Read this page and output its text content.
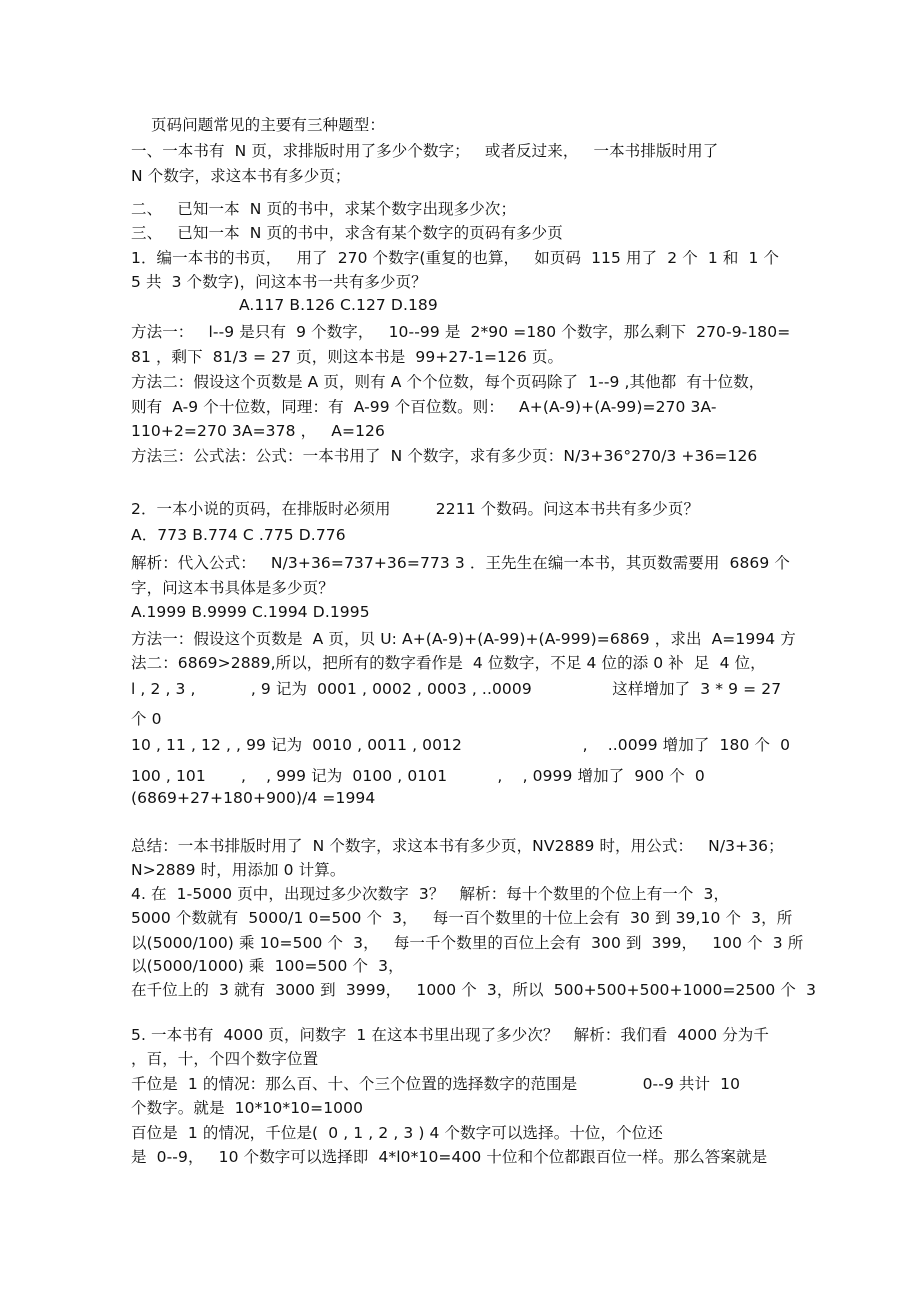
页码问题常见的主要有三种题型：
一、一本书有  N 页，求排版时用了多少个数字；   或者反过来，   一本书排版时用了
N 个数字，求这本书有多少页；
二、   已知一本  N 页的书中，求某个数字出现多少次；
三、   已知一本  N 页的书中，求含有某个数字的页码有多少页
1．编一本书的书页，   用了  270 个数字(重复的也算，   如页码  115 用了  2 个  1 和  1 个
5 共  3 个数字)，问这本书一共有多少页？
A.117 B.126 C.127 D.189
方法一：   l--9 是只有  9 个数字，   10--99 是  2*90 =180 个数字，那么剩下  270-9-180=
81 ，剩下  81/3 = 27 页，则这本书是  99+27-1=126 页。
方法二：假设这个页数是 A 页，则有 A 个个位数，每个页码除了  1--9 ,其他都  有十位数，
则有  A-9 个十位数，同理：有  A-99 个百位数。则：   A+(A-9)+(A-99)=270 3A-
110+2=270 3A=378 ，   A=126
方法三：公式法：公式：一本书用了  N 个数字，求有多少页：N/3+36°270/3 +36=126
2．一本小说的页码，在排版时必须用         2211 个数码。问这本书共有多少页？
A．773 B.774 C .775 D.776
解析：代入公式：   N/3+36=737+36=773 3 ．王先生在编一本书，其页数需要用  6869 个
字，问这本书具体是多少页？
A.1999 B.9999 C.1994 D.1995
方法一：假设这个页数是  A 页，贝 U: A+(A-9)+(A-99)+(A-999)=6869 ，求出  A=1994 方
法二：6869>2889,所以，把所有的数字看作是  4 位数字，不足 4 位的添 0 补  足  4 位，
l , 2 , 3 ,           , 9 记为  0001 , 0002 , 0003 , ..0009                这样增加了  3 * 9 = 27
个 0
10 , 11 , 12 , , 99 记为  0010 , 0011 , 0012                        ,    ..0099 增加了  180 个  0
100 , 101       ,    , 999 记为  0100 , 0101          ,    , 0999 增加了  900 个  0
(6869+27+180+900)/4 =1994
总结：一本书排版时用了  N 个数字，求这本书有多少页，NV2889 时，用公式：   N/3+36；
N>2889 时，用添加 0 计算。
4. 在  1-5000 页中，出现过多少次数字  3？   解析：每十个数里的个位上有一个  3，
5000 个数就有  5000/1 0=500 个  3，   每一百个数里的十位上会有  30 到 39,10 个  3，所
以(5000/100) 乘 10=500 个  3，   每一千个数里的百位上会有  300 到  399，   100 个  3 所
以(5000/1000) 乘  100=500 个  3，
在千位上的  3 就有  3000 到  3999，   1000 个  3，所以  500+500+500+1000=2500 个  3
5. 一本书有  4000 页，问数字  1 在这本书里出现了多少次？   解析：我们看  4000 分为千
，百，十，个四个数字位置
千位是  1 的情况：那么百、十、个三个位置的选择数字的范围是             0--9 共计  10
个数字。就是  10*10*10=1000
百位是  1 的情况，千位是(  0 , 1 , 2 , 3 ) 4 个数字可以选择。十位，个位还
是  0--9，   10 个数字可以选择即  4*l0*10=400 十位和个位都跟百位一样。那么答案就是
